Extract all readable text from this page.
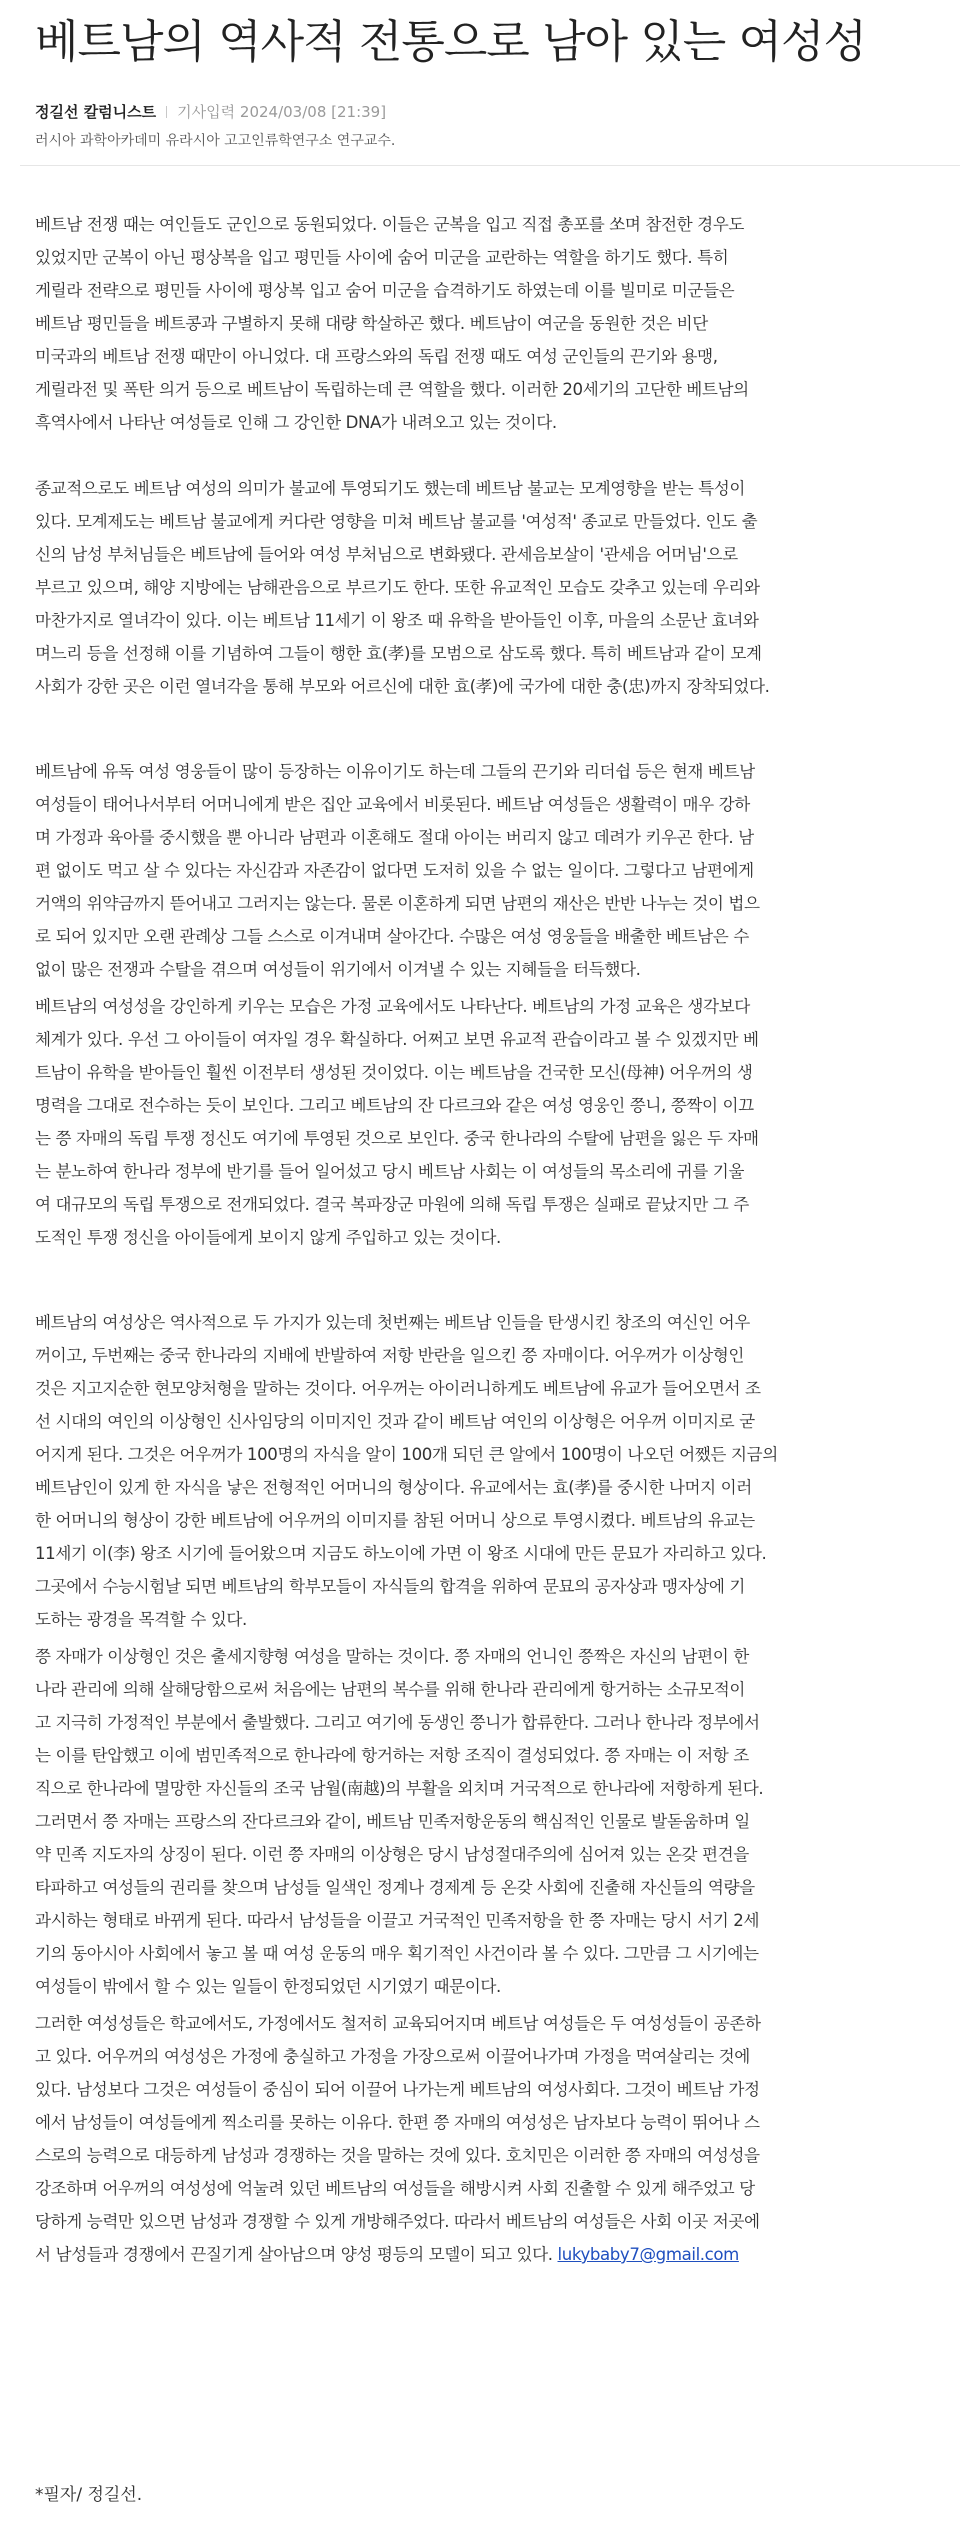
베트남의 역사적 전통으로 남아 있는 여성성
정길선 칼럼니스트 기사입력 2024/03/08 [21:39]
러시아 과학아카데미 유라시아 고고인류학연구소 연구교수.
베트남 전쟁 때는 여인들도 군인으로 동원되었다. 이들은 군복을 입고 직접 총포를 쏘며 참전한 경우도
있었지만 군복이 아닌 평상복을 입고 평민들 사이에 숨어 미군을 교란하는 역할을 하기도 했다. 특히
게릴라 전략으로 평민들 사이에 평상복 입고 숨어 미군을 습격하기도 하였는데 이를 빌미로 미군들은
베트남 평민들을 베트콩과 구별하지 못해 대량 학살하곤 했다. 베트남이 여군을 동원한 것은 비단
미국과의 베트남 전쟁 때만이 아니었다. 대 프랑스와의 독립 전쟁 때도 여성 군인들의 끈기와 용맹,
게릴라전 및 폭탄 의거 등으로 베트남이 독립하는데 큰 역할을 했다. 이러한 20세기의 고단한 베트남의
흑역사에서 나타난 여성들로 인해 그 강인한 DNA가 내려오고 있는 것이다.
종교적으로도 베트남 여성의 의미가 불교에 투영되기도 했는데 베트남 불교는 모계영향을 받는 특성이
있다. 모계제도는 베트남 불교에게 커다란 영향을 미쳐 베트남 불교를 '여성적' 종교로 만들었다. 인도 출
신의 남성 부처님들은 베트남에 들어와 여성 부처님으로 변화됐다. 관세음보살이 '관세음 어머님'으로
부르고 있으며, 해양 지방에는 남해관음으로 부르기도 한다. 또한 유교적인 모습도 갖추고 있는데 우리와
마찬가지로 열녀각이 있다. 이는 베트남 11세기 이 왕조 때 유학을 받아들인 이후, 마을의 소문난 효녀와
며느리 등을 선정해 이를 기념하여 그들이 행한 효(孝)를 모범으로 삼도록 했다. 특히 베트남과 같이 모계
사회가 강한 곳은 이런 열녀각을 통해 부모와 어르신에 대한 효(孝)에 국가에 대한 충(忠)까지 장착되었다.
베트남에 유독 여성 영웅들이 많이 등장하는 이유이기도 하는데 그들의 끈기와 리더쉽 등은 현재 베트남
여성들이 태어나서부터 어머니에게 받은 집안 교육에서 비롯된다. 베트남 여성들은 생활력이 매우 강하
며 가정과 육아를 중시했을 뿐 아니라 남편과 이혼해도 절대 아이는 버리지 않고 데려가 키우곤 한다. 남
편 없이도 먹고 살 수 있다는 자신감과 자존감이 없다면 도저히 있을 수 없는 일이다. 그렇다고 남편에게
거액의 위약금까지 뜯어내고 그러지는 않는다. 물론 이혼하게 되면 남편의 재산은 반반 나누는 것이 법으
로 되어 있지만 오랜 관례상 그들 스스로 이겨내며 살아간다. 수많은 여성 영웅들을 배출한 베트남은 수
없이 많은 전쟁과 수탈을 겪으며 여성들이 위기에서 이겨낼 수 있는 지혜들을 터득했다.
베트남의 여성성을 강인하게 키우는 모습은 가정 교육에서도 나타난다. 베트남의 가정 교육은 생각보다
체계가 있다. 우선 그 아이들이 여자일 경우 확실하다. 어쩌고 보면 유교적 관습이라고 볼 수 있겠지만 베
트남이 유학을 받아들인 훨씬 이전부터 생성된 것이었다. 이는 베트남을 건국한 모신(母神) 어우꺼의 생
명력을 그대로 전수하는 듯이 보인다. 그리고 베트남의 잔 다르크와 같은 여성 영웅인 쯩니, 쯩짝이 이끄
는 쯩 자매의 독립 투쟁 정신도 여기에 투영된 것으로 보인다. 중국 한나라의 수탈에 남편을 잃은 두 자매
는 분노하여 한나라 정부에 반기를 들어 일어섰고 당시 베트남 사회는 이 여성들의 목소리에 귀를 기울
여 대규모의 독립 투쟁으로 전개되었다. 결국 복파장군 마원에 의해 독립 투쟁은 실패로 끝났지만 그 주
도적인 투쟁 정신을 아이들에게 보이지 않게 주입하고 있는 것이다.
베트남의 여성상은 역사적으로 두 가지가 있는데 첫번째는 베트남 인들을 탄생시킨 창조의 여신인 어우
꺼이고, 두번째는 중국 한나라의 지배에 반발하여 저항 반란을 일으킨 쯩 자매이다. 어우꺼가 이상형인
것은 지고지순한 현모양처형을 말하는 것이다. 어우꺼는 아이러니하게도 베트남에 유교가 들어오면서 조
선 시대의 여인의 이상형인 신사임당의 이미지인 것과 같이 베트남 여인의 이상형은 어우꺼 이미지로 굳
어지게 된다. 그것은 어우꺼가 100명의 자식을 알이 100개 되던 큰 알에서 100명이 나오던 어쨌든 지금의
베트남인이 있게 한 자식을 낳은 전형적인 어머니의 형상이다. 유교에서는 효(孝)를 중시한 나머지 이러
한 어머니의 형상이 강한 베트남에 어우꺼의 이미지를 참된 어머니 상으로 투영시켰다. 베트남의 유교는
11세기 이(李) 왕조 시기에 들어왔으며 지금도 하노이에 가면 이 왕조 시대에 만든 문묘가 자리하고 있다.
그곳에서 수능시험날 되면 베트남의 학부모들이 자식들의 합격을 위하여 문묘의 공자상과 맹자상에 기
도하는 광경을 목격할 수 있다.
쯩 자매가 이상형인 것은 출세지향형 여성을 말하는 것이다. 쯩 자매의 언니인 쯩짝은 자신의 남편이 한
나라 관리에 의해 살해당함으로써 처음에는 남편의 복수를 위해 한나라 관리에게 항거하는 소규모적이
고 지극히 가정적인 부분에서 출발했다. 그리고 여기에 동생인 쯩니가 합류한다. 그러나 한나라 정부에서
는 이를 탄압했고 이에 범민족적으로 한나라에 항거하는 저항 조직이 결성되었다. 쯩 자매는 이 저항 조
직으로 한나라에 멸망한 자신들의 조국 남월(南越)의 부활을 외치며 거국적으로 한나라에 저항하게 된다.
그러면서 쯩 자매는 프랑스의 잔다르크와 같이, 베트남 민족저항운동의 핵심적인 인물로 발돋움하며 일
약 민족 지도자의 상징이 된다. 이런 쯩 자매의 이상형은 당시 남성절대주의에 심어져 있는 온갖 편견을
타파하고 여성들의 권리를 찾으며 남성들 일색인 정계나 경제계 등 온갖 사회에 진출해 자신들의 역량을
과시하는 형태로 바뀌게 된다. 따라서 남성들을 이끌고 거국적인 민족저항을 한 쯩 자매는 당시 서기 2세
기의 동아시아 사회에서 놓고 볼 때 여성 운동의 매우 획기적인 사건이라 볼 수 있다. 그만큼 그 시기에는
여성들이 밖에서 할 수 있는 일들이 한정되었던 시기였기 때문이다.
그러한 여성성들은 학교에서도, 가정에서도 철저히 교육되어지며 베트남 여성들은 두 여성성들이 공존하
고 있다. 어우꺼의 여성성은 가정에 충실하고 가정을 가장으로써 이끌어나가며 가정을 먹여살리는 것에
있다. 남성보다 그것은 여성들이 중심이 되어 이끌어 나가는게 베트남의 여성사회다. 그것이 베트남 가정
에서 남성들이 여성들에게 찍소리를 못하는 이유다. 한편 쯩 자매의 여성성은 남자보다 능력이 뛰어나 스
스로의 능력으로 대등하게 남성과 경쟁하는 것을 말하는 것에 있다. 호치민은 이러한 쯩 자매의 여성성을
강조하며 어우꺼의 여성성에 억눌려 있던 베트남의 여성들을 해방시켜 사회 진출할 수 있게 해주었고 당
당하게 능력만 있으면 남성과 경쟁할 수 있게 개방해주었다. 따라서 베트남의 여성들은 사회 이곳 저곳에
서 남성들과 경쟁에서 끈질기게 살아남으며 양성 평등의 모델이 되고 있다. lukybaby7@gmail.com
*필자/ 정길선.
